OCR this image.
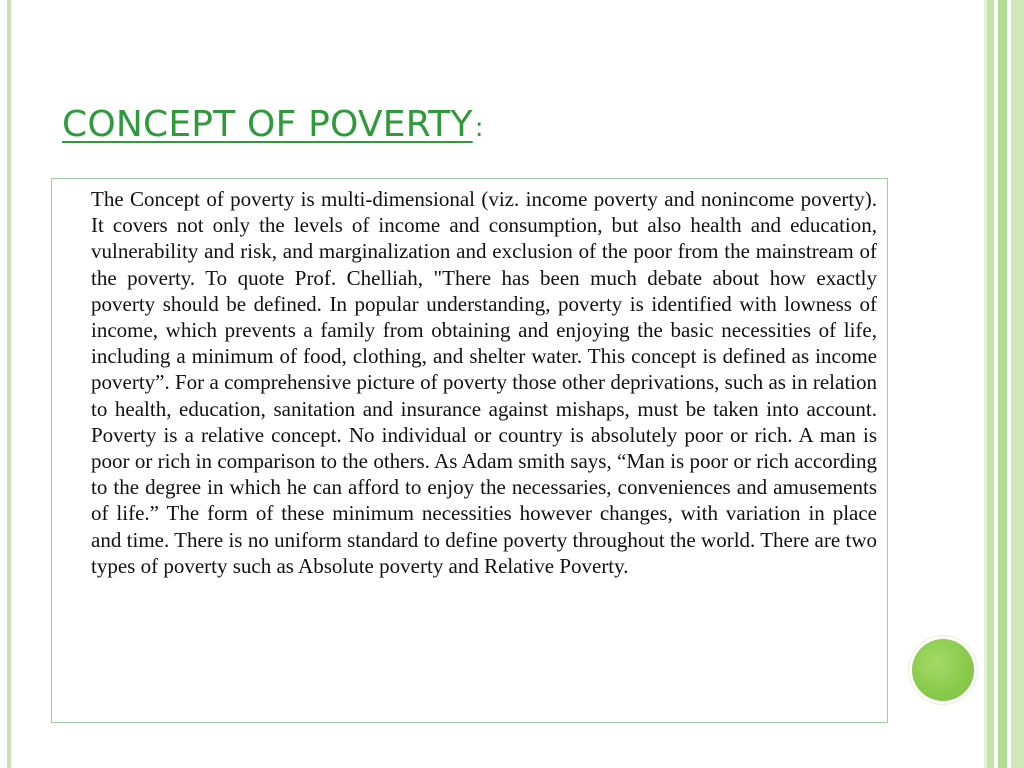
CONCEPT OF POVERTY:

The Concept of poverty is multi-dimensional (viz. income poverty and nonincome poverty). It covers not only the levels of income and consumption, but also health and education, vulnerability and risk, and marginalization and exclusion of the poor from the mainstream of the poverty. To quote Prof. Chelliah, "There has been much debate about how exactly poverty should be defined. In popular understanding, poverty is identified with lowness of income, which prevents a family from obtaining and enjoying the basic necessities of life, including a minimum of food, clothing, and shelter water. This concept is defined as income poverty”. For a comprehensive picture of poverty those other deprivations, such as in relation to health, education, sanitation and insurance against mishaps, must be taken into account. Poverty is a relative concept. No individual or country is absolutely poor or rich. A man is poor or rich in comparison to the others. As Adam smith says, “Man is poor or rich according to the degree in which he can afford to enjoy the necessaries, conveniences and amusements of life.” The form of these minimum necessities however changes, with variation in place and time. There is no uniform standard to define poverty throughout the world. There are two types of poverty such as Absolute poverty and Relative Poverty.
